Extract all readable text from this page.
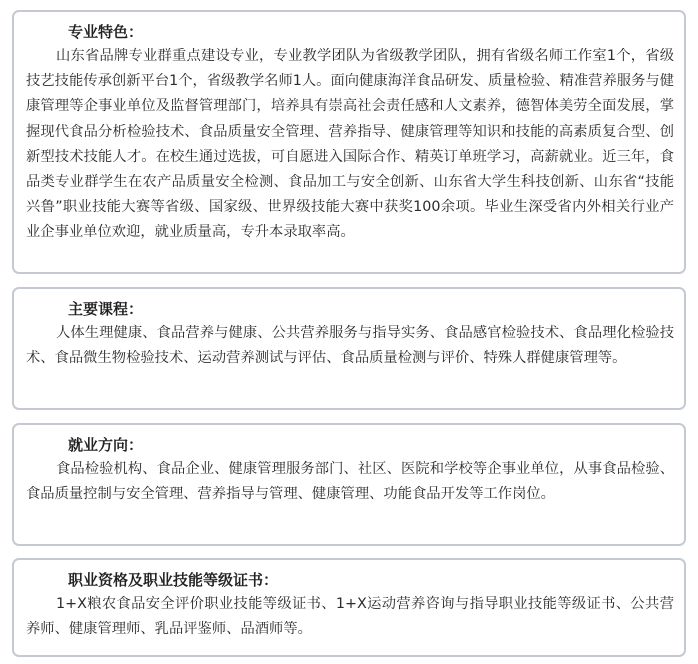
专业特色：

山东省品牌专业群重点建设专业，专业教学团队为省级教学团队，拥有省级名师工作室1个，省级技艺技能传承创新平台1个，省级教学名师1人。面向健康海洋食品研发、质量检验、精准营养服务与健康管理等企事业单位及监督管理部门，培养具有崇高社会责任感和人文素养，德智体美劳全面发展，掌握现代食品分析检验技术、食品质量安全管理、营养指导、健康管理等知识和技能的高素质复合型、创新型技术技能人才。在校生通过选拔，可自愿进入国际合作、精英订单班学习，高薪就业。近三年，食品类专业群学生在农产品质量安全检测、食品加工与安全创新、山东省大学生科技创新、山东省“技能兴鲁”职业技能大赛等省级、国家级、世界级技能大赛中获奖100余项。毕业生深受省内外相关行业产业企事业单位欢迎，就业质量高，专升本录取率高。

主要课程：

人体生理健康、食品营养与健康、公共营养服务与指导实务、食品感官检验技术、食品理化检验技术、食品微生物检验技术、运动营养测试与评估、食品质量检测与评价、特殊人群健康管理等。

就业方向：

食品检验机构、食品企业、健康管理服务部门、社区、医院和学校等企事业单位，从事食品检验、食品质量控制与安全管理、营养指导与管理、健康管理、功能食品开发等工作岗位。

职业资格及职业技能等级证书：

1+X粮农食品安全评价职业技能等级证书、1+X运动营养咨询与指导职业技能等级证书、公共营养师、健康管理师、乳品评鉴师、品酒师等。
